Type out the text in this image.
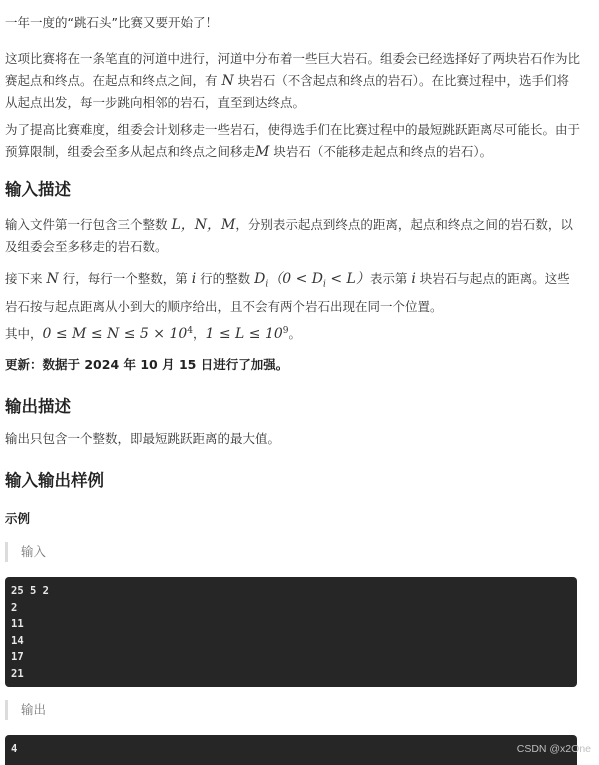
一年一度的“跳石头”比赛又要开始了！

这项比赛将在一条笔直的河道中进行，河道中分布着一些巨大岩石。组委会已经选择好了两块岩石作为比赛起点和终点。在起点和终点之间，有 N 块岩石（不含起点和终点的岩石）。在比赛过程中，选手们将从起点出发，每一步跳向相邻的岩石，直至到达终点。

为了提高比赛难度，组委会计划移走一些岩石，使得选手们在比赛过程中的最短跳跃距离尽可能长。由于预算限制，组委会至多从起点和终点之间移走M 块岩石（不能移走起点和终点的岩石）。

输入描述

输入文件第一行包含三个整数 L，N，M，分别表示起点到终点的距离，起点和终点之间的岩石数，以及组委会至多移走的岩石数。

接下来 N 行，每行一个整数，第 i 行的整数 $D_i(0 < D_i < L)$表示第 i 块岩石与起点的距离。这些岩石按与起点距离从小到大的顺序给出，且不会有两个岩石出现在同一个位置。

其中，$0 \le M \le N \le 5 \times 10^4$，$1 \le L \le 10^9$。

更新：数据于 2024 年 10 月 15 日进行了加强。

输出描述

输出只包含一个整数，即最短跳跃距离的最大值。

输入输出样例

示例

输入
25 5 2
2
11
14
17
21
输出
4	CSDN @x2One
